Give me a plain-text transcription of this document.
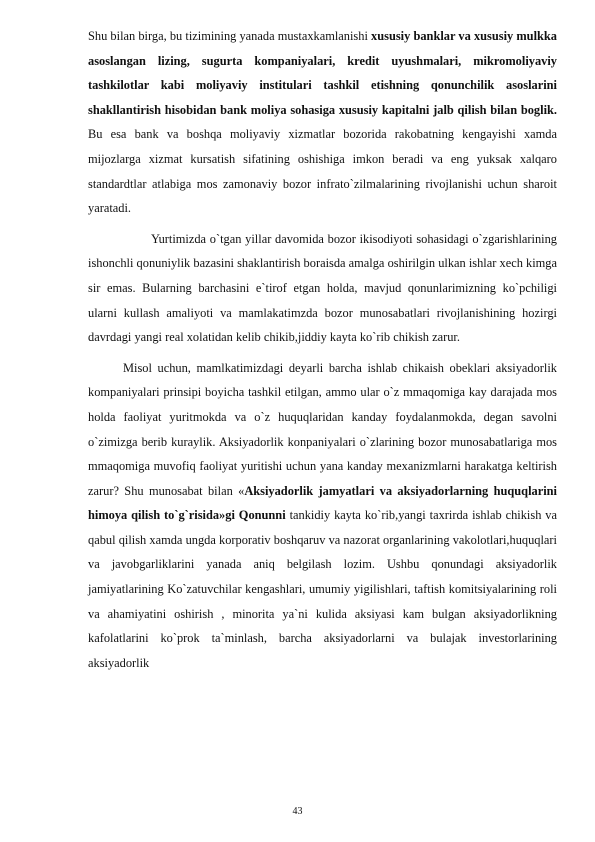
Shu bilan birga, bu tizimining yanada mustaxkamlanishi xususiy banklar va xususiy mulkka asoslangan lizing, sugurta kompaniyalari, kredit uyushmalari, mikromoliyaviy tashkilotlar kabi moliyaviy institulari tashkil etishning qonunchilik asoslarini shakllantirish hisobidan bank moliya sohasiga xususiy kapitalni jalb qilish bilan boglik. Bu esa bank va boshqa moliyaviy xizmatlar bozorida rakobatning kengayishi xamda mijozlarga xizmat kursatish sifatining oshishiga imkon beradi va eng yuksak xalqaro standardtlar atlabiga mos zamonaviy bozor infrato`zilmalarining rivojlanishi uchun sharoit yaratadi.

Yurtimizda o`tgan yillar davomida bozor ikisodiyoti sohasidagi o`zgarishlarining ishonchli qonuniylik bazasini shaklantirish boraisda amalga oshirilgin ulkan ishlar xech kimga sir emas. Bularning barchasini e`tirof etgan holda, mavjud qonunlarimizning ko`pchiligi ularni kullash amaliyoti va mamlakatimzda bozor munosabatlari rivojlanishining hozirgi davrdagi yangi real xolatidan kelib chikib,jiddiy kayta ko`rib chikish zarur.

Misol uchun, mamlkatimizdagi deyarli barcha ishlab chikaish obeklari aksiyadorlik kompaniyalari prinsipi boyicha tashkil etilgan, ammo ular o`z mmaqomiga kay darajada mos holda faoliyat yuritmokda va o`z huquqlaridan kanday foydalanmokda, degan savolni o`zimizga berib kuraylik. Aksiyadorlik konpaniyalari o`zlarining bozor munosabatlariga mos mmaqomiga muvofiq faoliyat yuritishi uchun yana kanday mexanizmlarni harakatga keltirish zarur? Shu munosabat bilan «Aksiyadorlik jamyatlari va aksiyadorlarning huquqlarini himoya qilish to`g`risida»gi Qonunni tankidiy kayta ko`rib,yangi taxrirda ishlab chikish va qabul qilish xamda ungda korporativ boshqaruv va nazorat organlarining vakolotlari,huquqlari va javobgarliklarini yanada aniq belgilash lozim. Ushbu qonundagi aksiyadorlik jamiyatlarining Ko`zatuvchilar kengashlari, umumiy yigilishlari, taftish komitsiyalarining roli va ahamiyatini oshirish , minorita ya`ni kulida aksiyasi kam bulgan aksiyadorlikning kafolatlarini ko`prok ta`minlash, barcha aksiyadorlarni va bulajak investorlarining aksiyadorlik

43
